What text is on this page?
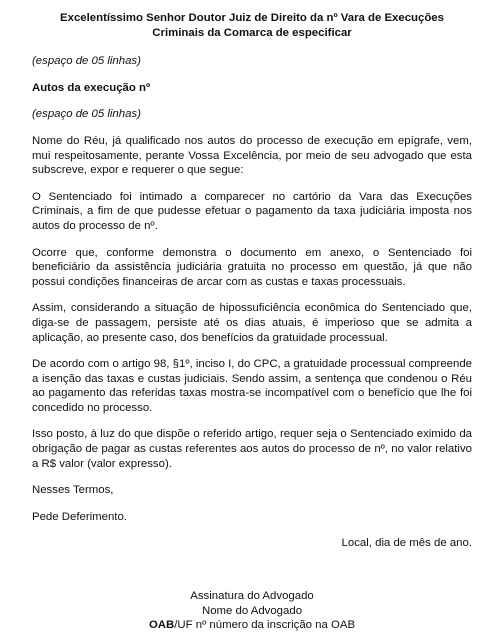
Excelentíssimo Senhor Doutor Juiz de Direito da nº Vara de Execuções Criminais da Comarca de especificar
(espaço de 05 linhas)
Autos da execução nº
(espaço de 05 linhas)
Nome do Réu, já qualificado nos autos do processo de execução em epígrafe, vem, mui respeitosamente, perante Vossa Excelência, por meio de seu advogado que esta subscreve, expor e requerer o que segue:
O Sentenciado foi intimado a comparecer no cartório da Vara das Execuções Criminais, a fim de que pudesse efetuar o pagamento da taxa judiciária imposta nos autos do processo de nº.
Ocorre que, conforme demonstra o documento em anexo, o Sentenciado foi beneficiário da assistência judiciária gratuita no processo em questão, já que não possui condições financeiras de arcar com as custas e taxas processuais.
Assim, considerando a situação de hipossuficiência econômica do Sentenciado que, diga-se de passagem, persiste até os dias atuais, é imperioso que se admita a aplicação, ao presente caso, dos benefícios da gratuidade processual.
De acordo com o artigo 98, §1º, inciso I, do CPC, a gratuidade processual compreende a isenção das taxas e custas judiciais. Sendo assim, a sentença que condenou o Réu ao pagamento das referidas taxas mostra-se incompatível com o benefício que lhe foi concedido no processo.
Isso posto, à luz do que dispõe o referido artigo, requer seja o Sentenciado eximido da obrigação de pagar as custas referentes aos autos do processo de nº, no valor relativo a R$ valor (valor expresso).
Nesses Termos,
Pede Deferimento.
Local, dia de mês de ano.
Assinatura do Advogado
Nome do Advogado
OAB/UF nº número da inscrição na OAB
